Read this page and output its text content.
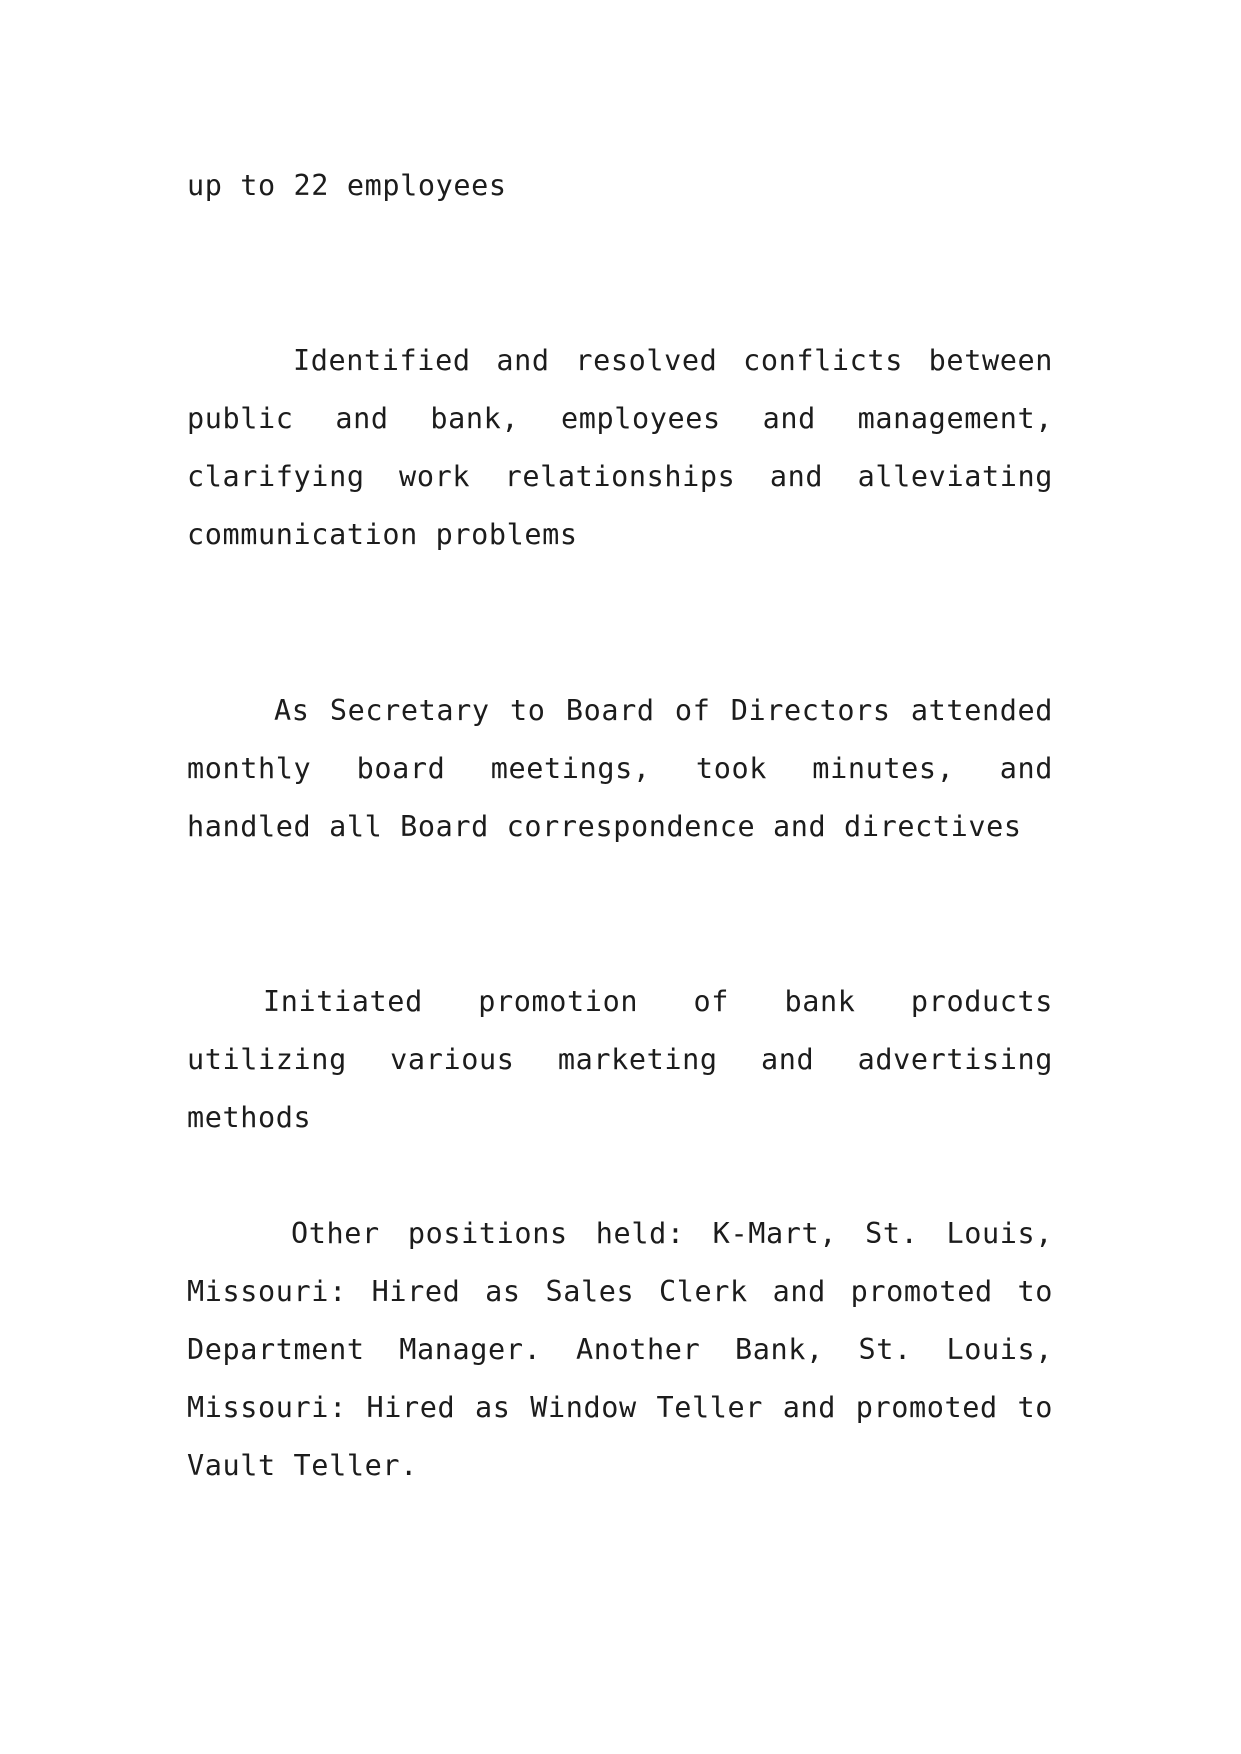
up to 22 employees

Identified and resolved conflicts between public and bank, employees and management, clarifying work relationships and alleviating communication problems

As Secretary to Board of Directors attended monthly board meetings, took minutes, and handled all Board correspondence and directives

Initiated promotion of bank products utilizing various marketing and advertising methods

Other positions held: K-Mart, St. Louis, Missouri: Hired as Sales Clerk and promoted to Department Manager. Another Bank, St. Louis, Missouri: Hired as Window Teller and promoted to Vault Teller.
